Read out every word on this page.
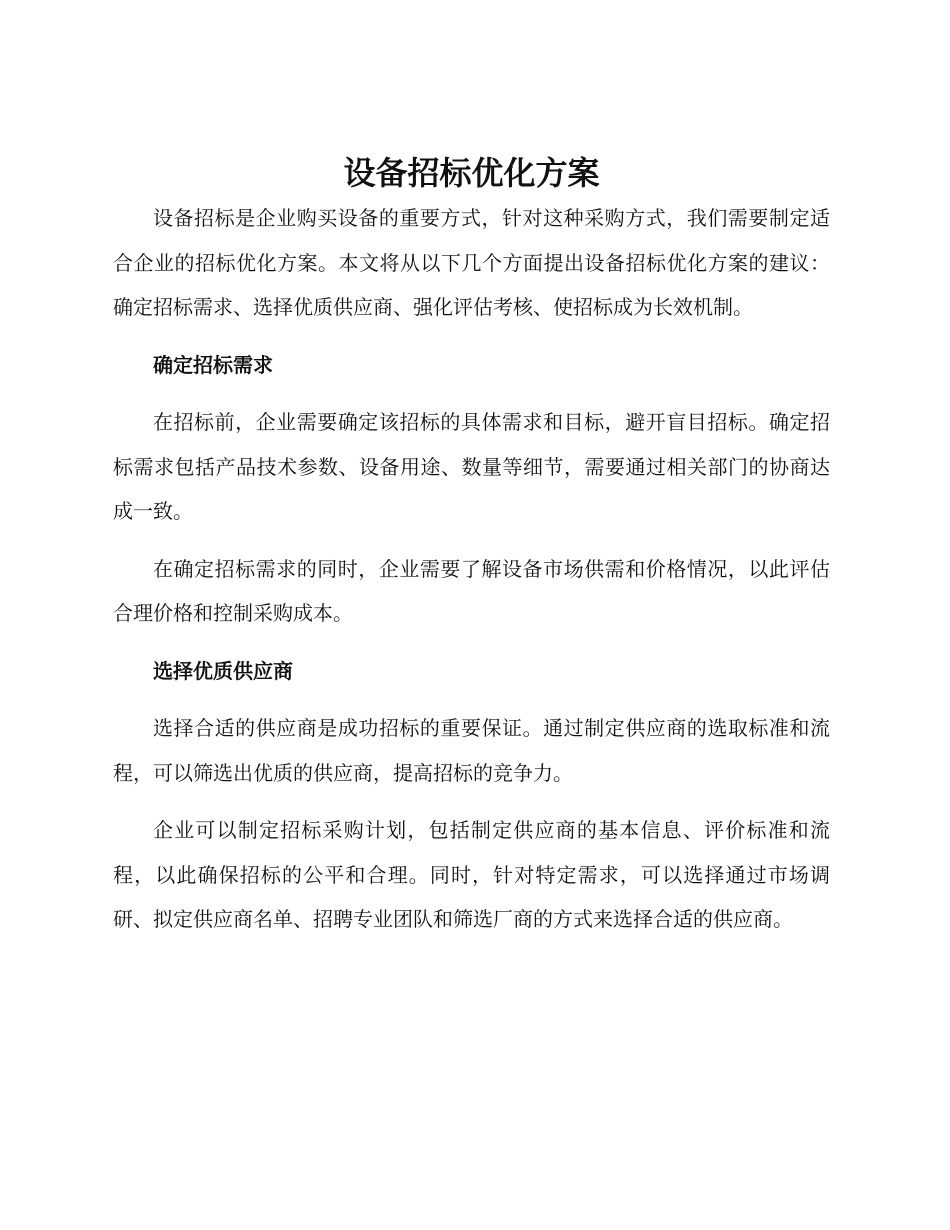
设备招标优化方案

设备招标是企业购买设备的重要方式，针对这种采购方式，我们需要制定适合企业的招标优化方案。本文将从以下几个方面提出设备招标优化方案的建议：确定招标需求、选择优质供应商、强化评估考核、使招标成为长效机制。

确定招标需求

在招标前，企业需要确定该招标的具体需求和目标，避开盲目招标。确定招标需求包括产品技术参数、设备用途、数量等细节，需要通过相关部门的协商达成一致。

在确定招标需求的同时，企业需要了解设备市场供需和价格情况，以此评估合理价格和控制采购成本。

选择优质供应商

选择合适的供应商是成功招标的重要保证。通过制定供应商的选取标准和流程，可以筛选出优质的供应商，提高招标的竞争力。

企业可以制定招标采购计划，包括制定供应商的基本信息、评价标准和流程，以此确保招标的公平和合理。同时，针对特定需求，可以选择通过市场调研、拟定供应商名单、招聘专业团队和筛选厂商的方式来选择合适的供应商。
